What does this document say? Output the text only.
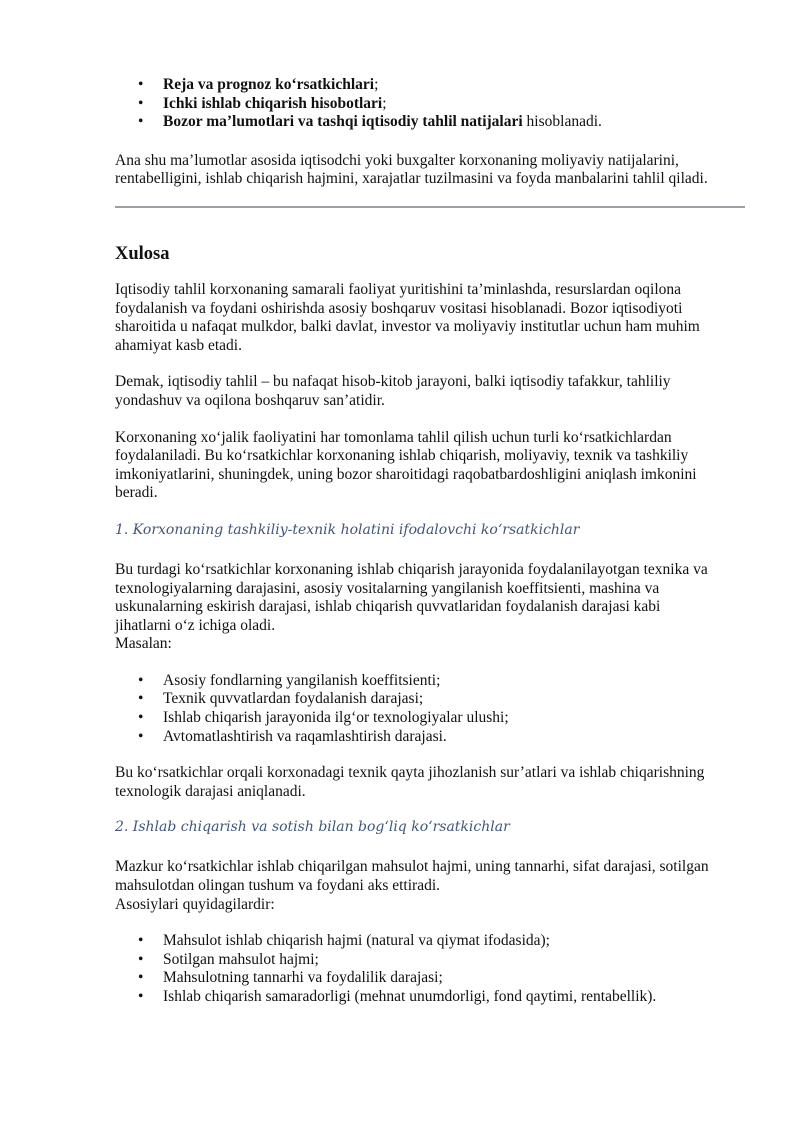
• Reja va prognoz ko‘rsatkichlari;
• Ichki ishlab chiqarish hisobotlari;
• Bozor ma’lumotlari va tashqi iqtisodiy tahlil natijalari hisoblanadi.

Ana shu ma’lumotlar asosida iqtisodchi yoki buxgalter korxonaning moliyaviy natijalarini,
rentabelligini, ishlab chiqarish hajmini, xarajatlar tuzilmasini va foyda manbalarini tahlil qiladi.

Xulosa

Iqtisodiy tahlil korxonaning samarali faoliyat yuritishini ta’minlashda, resurslardan oqilona
foydalanish va foydani oshirishda asosiy boshqaruv vositasi hisoblanadi. Bozor iqtisodiyoti
sharoitida u nafaqat mulkdor, balki davlat, investor va moliyaviy institutlar uchun ham muhim
ahamiyat kasb etadi.

Demak, iqtisodiy tahlil – bu nafaqat hisob-kitob jarayoni, balki iqtisodiy tafakkur, tahliliy
yondashuv va oqilona boshqaruv san’atidir.

Korxonaning xo‘jalik faoliyatini har tomonlama tahlil qilish uchun turli ko‘rsatkichlardan
foydalaniladi. Bu ko‘rsatkichlar korxonaning ishlab chiqarish, moliyaviy, texnik va tashkiliy
imkoniyatlarini, shuningdek, uning bozor sharoitidagi raqobatbardoshligini aniqlash imkonini
beradi.

1. Korxonaning tashkiliy-texnik holatini ifodalovchi ko‘rsatkichlar

Bu turdagi ko‘rsatkichlar korxonaning ishlab chiqarish jarayonida foydalanilayotgan texnika va
texnologiyalarning darajasini, asosiy vositalarning yangilanish koeffitsienti, mashina va
uskunalarning eskirish darajasi, ishlab chiqarish quvvatlaridan foydalanish darajasi kabi
jihatlarni o‘z ichiga oladi.
Masalan:

• Asosiy fondlarning yangilanish koeffitsienti;
• Texnik quvvatlardan foydalanish darajasi;
• Ishlab chiqarish jarayonida ilg‘or texnologiyalar ulushi;
• Avtomatlashtirish va raqamlashtirish darajasi.

Bu ko‘rsatkichlar orqali korxonadagi texnik qayta jihozlanish sur’atlari va ishlab chiqarishning
texnologik darajasi aniqlanadi.

2. Ishlab chiqarish va sotish bilan bog‘liq ko‘rsatkichlar

Mazkur ko‘rsatkichlar ishlab chiqarilgan mahsulot hajmi, uning tannarhi, sifat darajasi, sotilgan
mahsulotdan olingan tushum va foydani aks ettiradi.
Asosiylari quyidagilardir:

• Mahsulot ishlab chiqarish hajmi (natural va qiymat ifodasida);
• Sotilgan mahsulot hajmi;
• Mahsulotning tannarhi va foydalilik darajasi;
• Ishlab chiqarish samaradorligi (mehnat unumdorligi, fond qaytimi, rentabellik).
